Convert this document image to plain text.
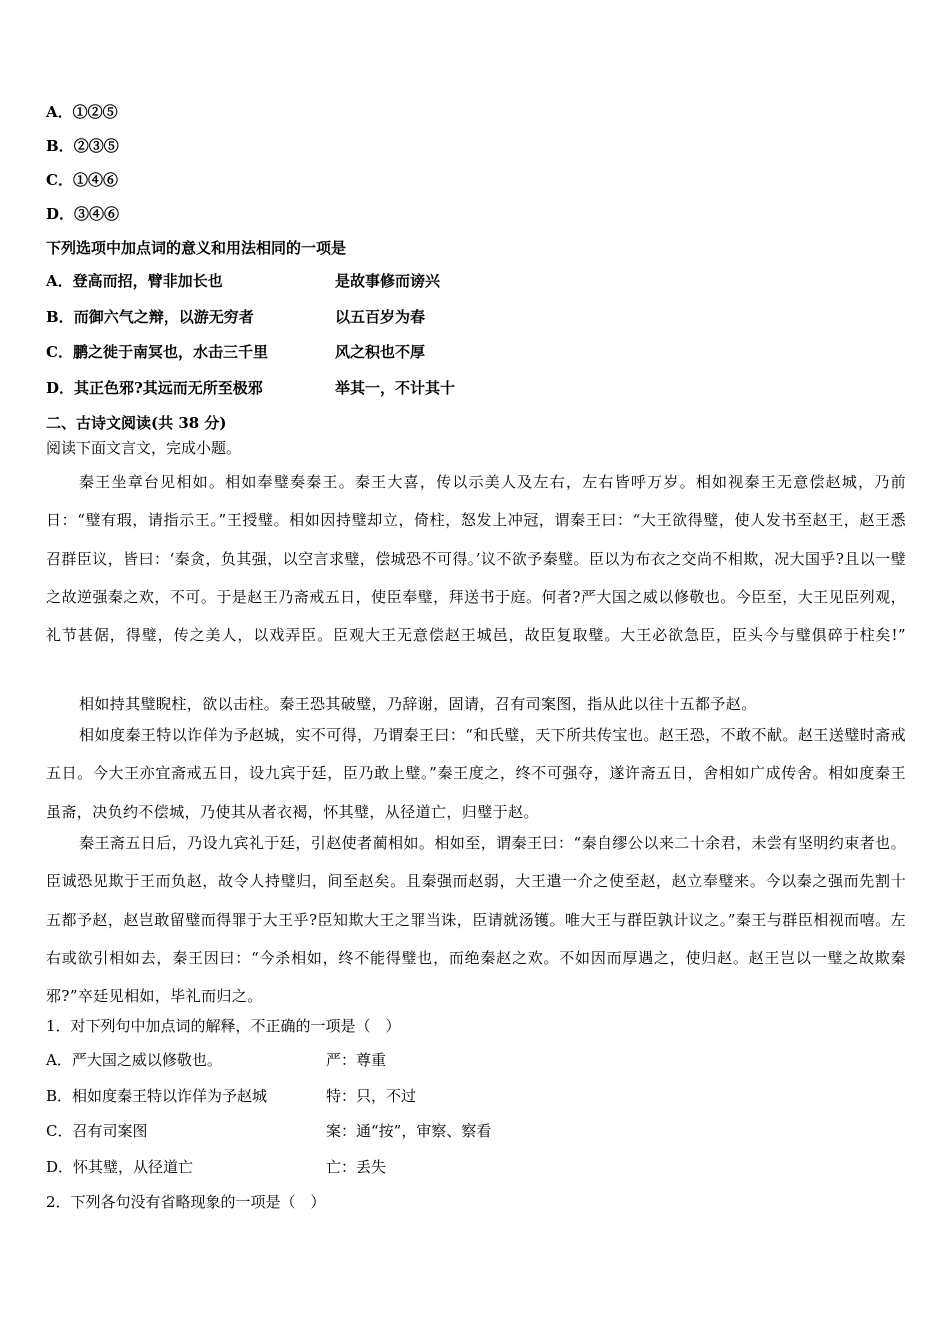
A．①②⑤
B．②③⑤
C．①④⑥
D．③④⑥
下列选项中加点词的意义和用法相同的一项是
A．登高而招，臂非加长也	是故事修而谤兴
B．而御六气之辩，以游无穷者	以五百岁为春
C．鹏之徙于南冥也，水击三千里	风之积也不厚
D．其正色邪?其远而无所至极邪	举其一，不计其十
二、古诗文阅读(共 38 分)
阅读下面文言文，完成小题。
秦王坐章台见相如。相如奉璧奏秦王。秦王大喜，传以示美人及左右，左右皆呼万岁。相如视秦王无意偿赵城，乃前日：“璧有瑕，请指示王。”王授璧。相如因持璧却立，倚柱，怒发上冲冠，谓秦王曰：“大王欲得璧，使人发书至赵王，赵王悉召群臣议，皆曰：‘秦贪，负其强，以空言求璧，偿城恐不可得。’议不欲予秦璧。臣以为布衣之交尚不相欺，况大国乎?且以一璧之故逆强秦之欢，不可。于是赵王乃斋戒五日，使臣奉璧，拜送书于庭。何者?严大国之威以修敬也。今臣至，大王见臣列观，礼节甚倨，得璧，传之美人，以戏弄臣。臣观大王无意偿赵王城邑，故臣复取璧。大王必欲急臣，臣头今与璧俱碎于柱矣!”
相如持其璧睨柱，欲以击柱。秦王恐其破璧，乃辞谢，固请，召有司案图，指从此以往十五都予赵。
相如度秦王特以诈佯为予赵城，实不可得，乃谓秦王曰：“和氏璧，天下所共传宝也。赵王恐，不敢不献。赵王送璧时斋戒五日。今大王亦宜斋戒五日，设九宾于廷，臣乃敢上璧。”秦王度之，终不可强夺，遂许斋五日，舍相如广成传舍。相如度秦王虽斋，决负约不偿城，乃使其从者衣褐，怀其璧，从径道亡，归璧于赵。
秦王斋五日后，乃设九宾礼于廷，引赵使者蔺相如。相如至，谓秦王曰：“秦自缪公以来二十余君，未尝有坚明约束者也。臣诚恐见欺于王而负赵，故令人持璧归，间至赵矣。且秦强而赵弱，大王遣一介之使至赵，赵立奉璧来。今以秦之强而先割十五都予赵，赵岂敢留璧而得罪于大王乎?臣知欺大王之罪当诛，臣请就汤镬。唯大王与群臣孰计议之。”秦王与群臣相视而嘻。左右或欲引相如去，秦王因曰：“今杀相如，终不能得璧也，而绝秦赵之欢。不如因而厚遇之，使归赵。赵王岂以一璧之故欺秦邪?”卒廷见相如，毕礼而归之。
1．对下列句中加点词的解释，不正确的一项是（　）
A．严大国之威以修敬也。	严：尊重
B．相如度秦王特以诈佯为予赵城	特：只，不过
C．召有司案图	案：通“按”，审察、察看
D．怀其璧，从径道亡	亡：丢失
2．下列各句没有省略现象的一项是（　）
